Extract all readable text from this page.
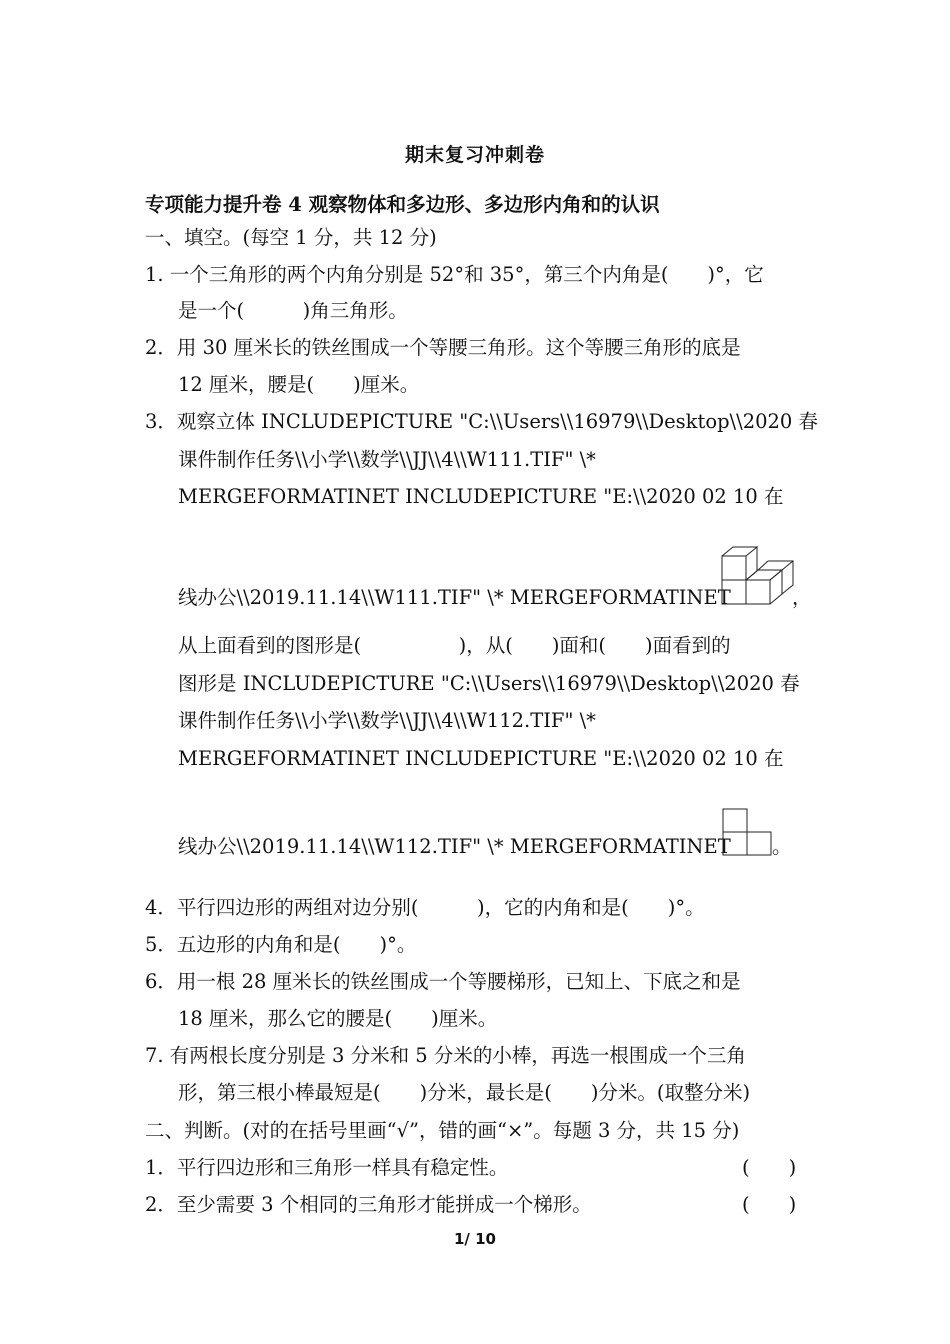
期末复习冲刺卷
专项能力提升卷 4 观察物体和多边形、多边形内角和的认识
一、填空。(每空 1 分，共 12 分)
1. 一个三角形的两个内角分别是 52°和 35°，第三个内角是(　　)°，它
是一个(　　　)角三角形。
2．用 30 厘米长的铁丝围成一个等腰三角形。这个等腰三角形的底是
12 厘米，腰是(　　)厘米。
3．观察立体 INCLUDEPICTURE "C:\\Users\\16979\\Desktop\\2020 春
课件制作任务\\小学\\数学\\JJ\\4\\W111.TIF" \*
MERGEFORMATINET INCLUDEPICTURE "E:\\2020 02 10 在
线办公\\2019.11.14\\W111.TIF" \* MERGEFORMATINET	，
从上面看到的图形是(　　　　　)，从(　　)面和(　　)面看到的
图形是 INCLUDEPICTURE "C:\\Users\\16979\\Desktop\\2020 春
课件制作任务\\小学\\数学\\JJ\\4\\W112.TIF" \*
MERGEFORMATINET INCLUDEPICTURE "E:\\2020 02 10 在
线办公\\2019.11.14\\W112.TIF" \* MERGEFORMATINET 。
4．平行四边形的两组对边分别(　　　)，它的内角和是(　　)°。
5．五边形的内角和是(　　)°。
6．用一根 28 厘米长的铁丝围成一个等腰梯形，已知上、下底之和是
18 厘米，那么它的腰是(　　)厘米。
7. 有两根长度分别是 3 分米和 5 分米的小棒，再选一根围成一个三角
形，第三根小棒最短是(　　)分米，最长是(　　)分米。(取整分米)
二、判断。(对的在括号里画“√”，错的画“×”。每题 3 分，共 15 分)
1．平行四边形和三角形一样具有稳定性。	(　　)
2．至少需要 3 个相同的三角形才能拼成一个梯形。	(　　)
1/ 10
